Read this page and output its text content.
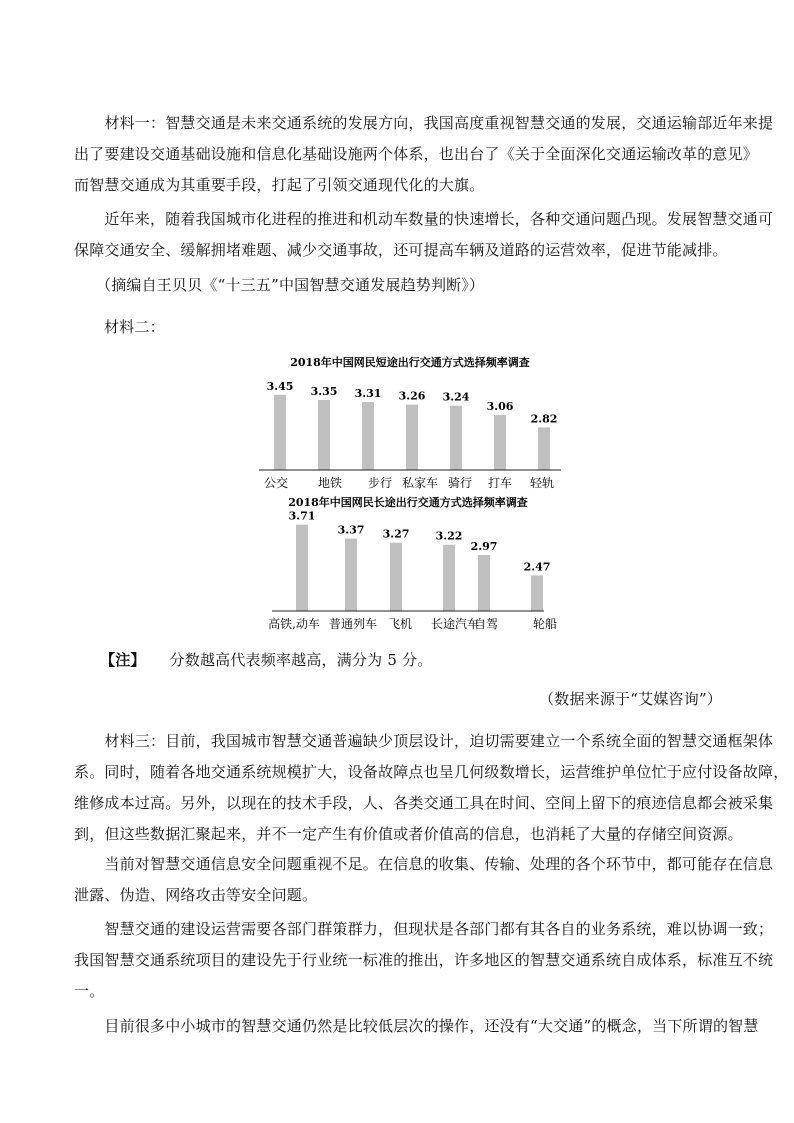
　　材料一：智慧交通是未来交通系统的发展方向，我国高度重视智慧交通的发展，交通运输部近年来提
出了要建设交通基础设施和信息化基础设施两个体系，也出台了《关于全面深化交通运输改革的意见》
而智慧交通成为其重要手段，打起了引领交通现代化的大旗。
　　近年来，随着我国城市化进程的推进和机动车数量的快速增长，各种交通问题凸现。发展智慧交通可
保障交通安全、缓解拥堵难题、减少交通事故，还可提高车辆及道路的运营效率，促进节能减排。
（摘编自王贝贝《“十三五”中国智慧交通发展趋势判断》）
材料二：
2018年中国网民短途出行交通方式选择频率调查
3.45 3.35 3.31 3.26 3.24
3.06
2.82
公交 地铁 步行 私家车 骑行 打车 轻轨
2018年中国网民长途出行交通方式选择频率调查
3.71
3.37 3.27 3.22
2.97
2.47
高铁,动车 普通列车 飞机 长途汽车
自驾	轮船
【注】 分数越高代表频率越高，满分为 5 分。
（数据来源于“艾媒咨询”）
　　材料三：目前，我国城市智慧交通普遍缺少顶层设计，迫切需要建立一个系统全面的智慧交通框架体
系。同时，随着各地交通系统规模扩大，设备故障点也呈几何级数增长，运营维护单位忙于应付设备故障，
维修成本过高。另外，以现在的技术手段，人、各类交通工具在时间、空间上留下的痕迹信息都会被采集
到，但这些数据汇聚起来，并不一定产生有价值或者价值高的信息，也消耗了大量的存储空间资源。
　　当前对智慧交通信息安全问题重视不足。在信息的收集、传输、处理的各个环节中，都可能存在信息
泄露、伪造、网络攻击等安全问题。
　　智慧交通的建设运营需要各部门群策群力，但现状是各部门都有其各自的业务系统，难以协调一致；
我国智慧交通系统项目的建设先于行业统一标准的推出，许多地区的智慧交通系统自成体系，标准互不统
一。
　　目前很多中小城市的智慧交通仍然是比较低层次的操作，还没有“大交通”的概念，当下所谓的智慧
